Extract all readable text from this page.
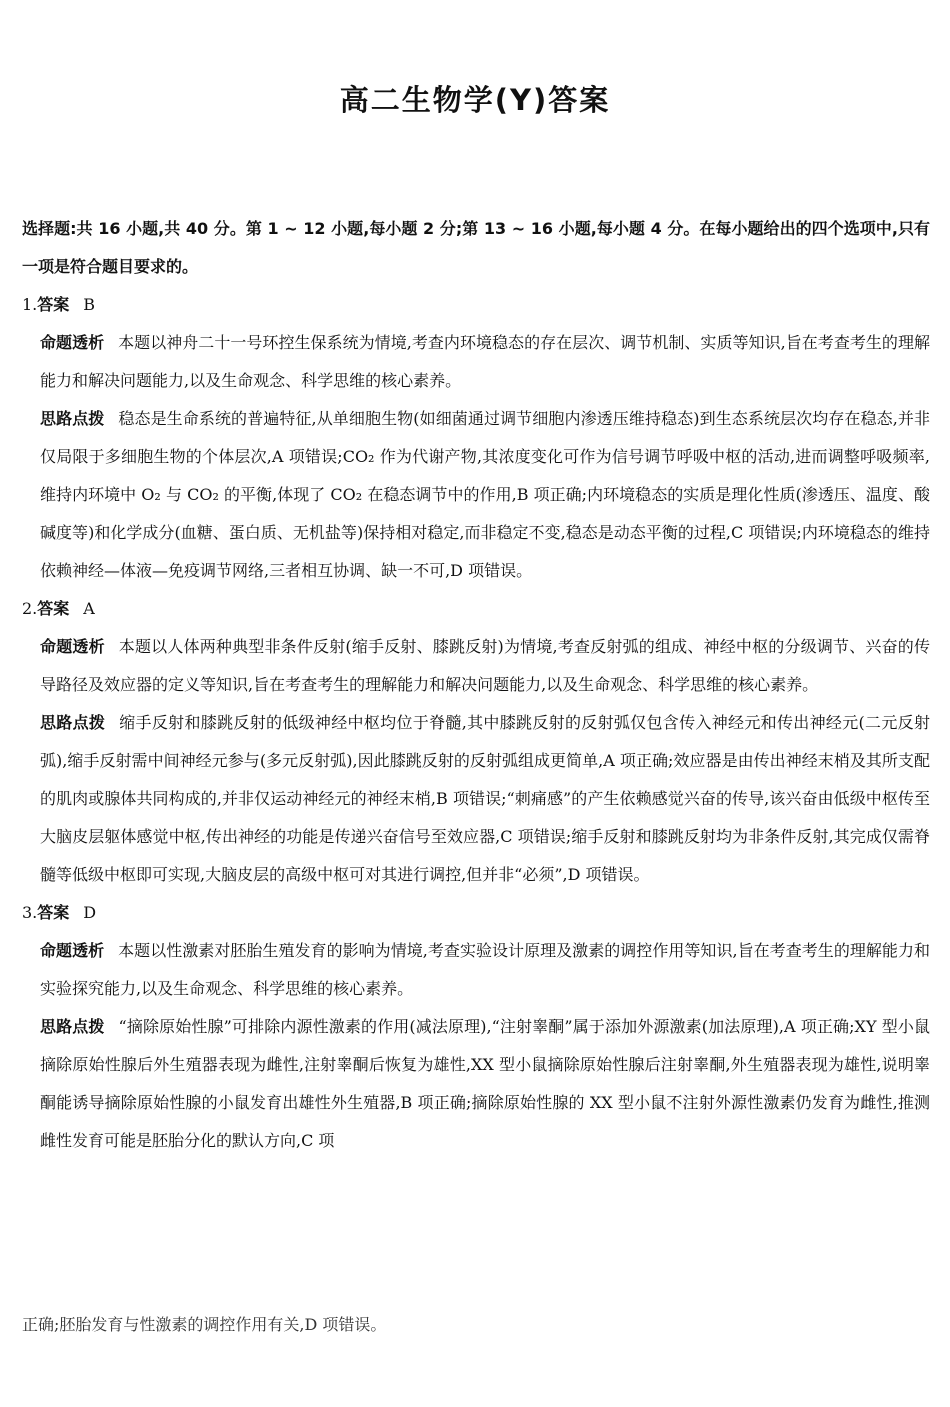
高二生物学(Y)答案

选择题:共 16 小题,共 40 分。第 1 ~ 12 小题,每小题 2 分;第 13 ~ 16 小题,每小题 4 分。在每小题给出的四个选项中,只有一项是符合题目要求的。

1.答案 B

命题透析 本题以神舟二十一号环控生保系统为情境,考查内环境稳态的存在层次、调节机制、实质等知识,旨在考查考生的理解能力和解决问题能力,以及生命观念、科学思维的核心素养。

思路点拨 稳态是生命系统的普遍特征,从单细胞生物(如细菌通过调节细胞内渗透压维持稳态)到生态系统层次均存在稳态,并非仅局限于多细胞生物的个体层次,A 项错误;CO₂ 作为代谢产物,其浓度变化可作为信号调节呼吸中枢的活动,进而调整呼吸频率,维持内环境中 O₂ 与 CO₂ 的平衡,体现了 CO₂ 在稳态调节中的作用,B 项正确;内环境稳态的实质是理化性质(渗透压、温度、酸碱度等)和化学成分(血糖、蛋白质、无机盐等)保持相对稳定,而非稳定不变,稳态是动态平衡的过程,C 项错误;内环境稳态的维持依赖神经—体液—免疫调节网络,三者相互协调、缺一不可,D 项错误。

2.答案 A

命题透析 本题以人体两种典型非条件反射(缩手反射、膝跳反射)为情境,考查反射弧的组成、神经中枢的分级调节、兴奋的传导路径及效应器的定义等知识,旨在考查考生的理解能力和解决问题能力,以及生命观念、科学思维的核心素养。

思路点拨 缩手反射和膝跳反射的低级神经中枢均位于脊髓,其中膝跳反射的反射弧仅包含传入神经元和传出神经元(二元反射弧),缩手反射需中间神经元参与(多元反射弧),因此膝跳反射的反射弧组成更简单,A 项正确;效应器是由传出神经末梢及其所支配的肌肉或腺体共同构成的,并非仅运动神经元的神经末梢,B 项错误;“刺痛感”的产生依赖感觉兴奋的传导,该兴奋由低级中枢传至大脑皮层躯体感觉中枢,传出神经的功能是传递兴奋信号至效应器,C 项错误;缩手反射和膝跳反射均为非条件反射,其完成仅需脊髓等低级中枢即可实现,大脑皮层的高级中枢可对其进行调控,但并非“必须”,D 项错误。

3.答案 D

命题透析 本题以性激素对胚胎生殖发育的影响为情境,考查实验设计原理及激素的调控作用等知识,旨在考查考生的理解能力和实验探究能力,以及生命观念、科学思维的核心素养。

思路点拨 “摘除原始性腺”可排除内源性激素的作用(减法原理),“注射睾酮”属于添加外源激素(加法原理),A 项正确;XY 型小鼠摘除原始性腺后外生殖器表现为雌性,注射睾酮后恢复为雄性,XX 型小鼠摘除原始性腺后注射睾酮,外生殖器表现为雄性,说明睾酮能诱导摘除原始性腺的小鼠发育出雄性外生殖器,B 项正确;摘除原始性腺的 XX 型小鼠不注射外源性激素仍发育为雌性,推测雌性发育可能是胚胎分化的默认方向,C 项

正确;胚胎发育与性激素的调控作用有关,D 项错误。
